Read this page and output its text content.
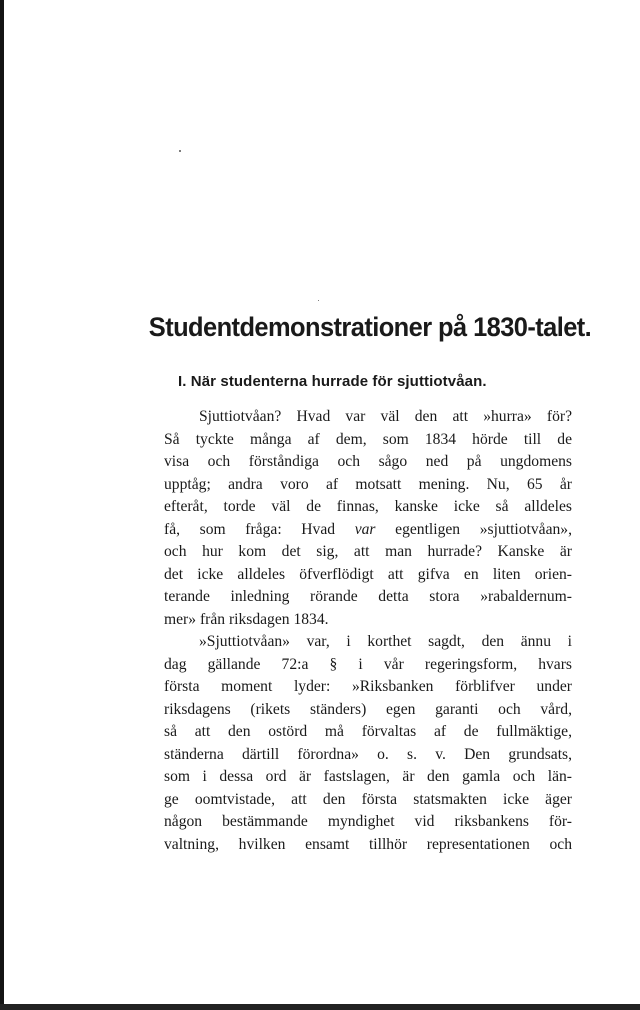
Studentdemonstrationer på 1830-talet.
I. När studenterna hurrade för sjuttiotvåan.
Sjuttiotvåan? Hvad var väl den att »hurra» för?
Så tyckte många af dem, som 1834 hörde till de
visa och förståndiga och sågo ned på ungdomens
upptåg; andra voro af motsatt mening. Nu, 65 år
efteråt, torde väl de finnas, kanske icke så alldeles
få, som fråga: Hvad var egentligen »sjuttiotvåan»,
och hur kom det sig, att man hurrade? Kanske är
det icke alldeles öfverflödigt att gifva en liten orien-
terande inledning rörande detta stora »rabaldernum-
mer» från riksdagen 1834.
»Sjuttiotvåan» var, i korthet sagdt, den ännu i
dag gällande 72:a § i vår regeringsform, hvars
första moment lyder: »Riksbanken förblifver under
riksdagens (rikets ständers) egen garanti och vård,
så att den ostörd må förvaltas af de fullmäktige,
ständerna därtill förordna» o. s. v. Den grundsats,
som i dessa ord är fastslagen, är den gamla och län-
ge oomtvistade, att den första statsmakten icke äger
någon bestämmande myndighet vid riksbankens för-
valtning, hvilken ensamt tillhör representationen och
